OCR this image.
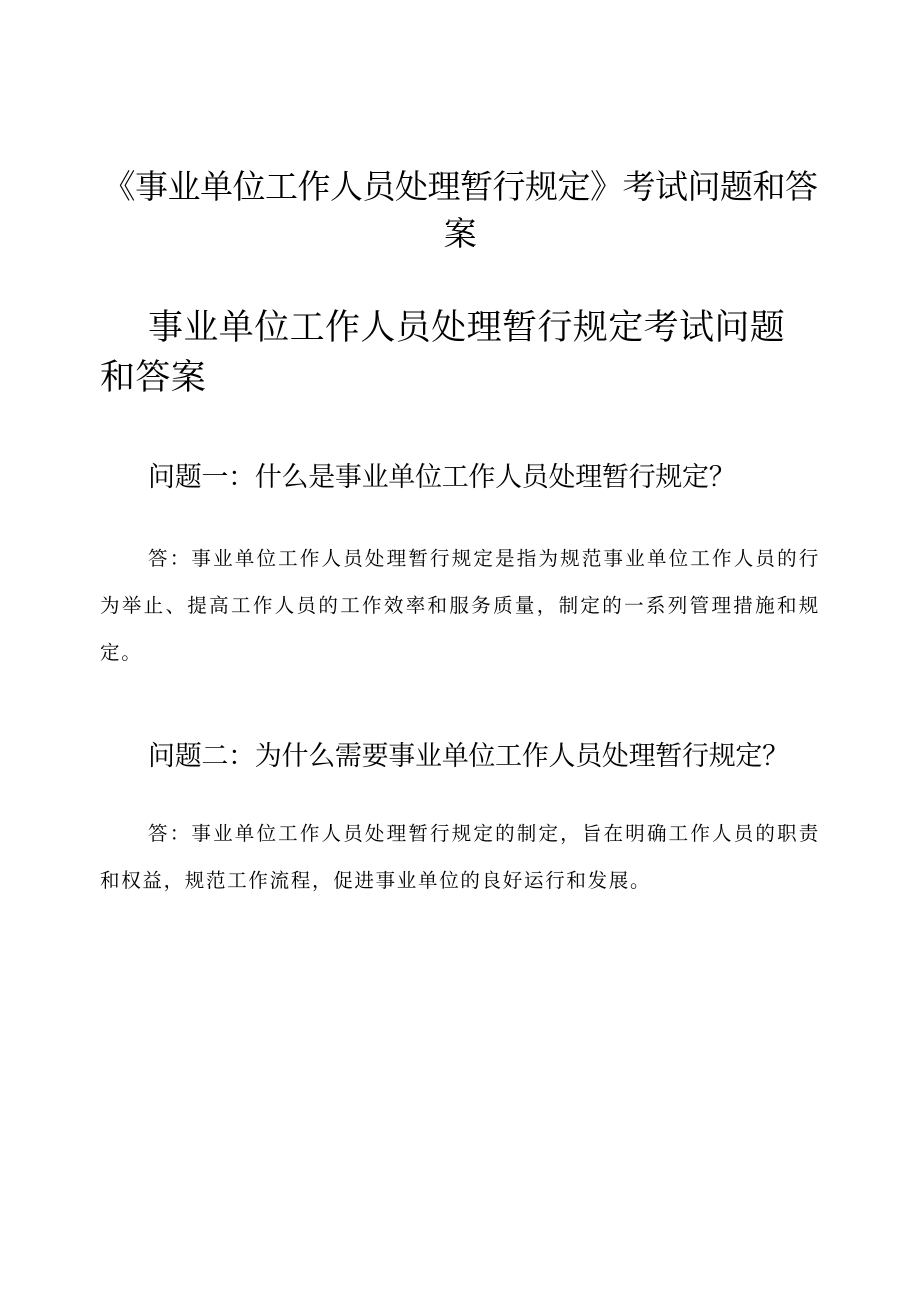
《事业单位工作人员处理暂行规定》考试问题和答案
事业单位工作人员处理暂行规定考试问题和答案
问题一：什么是事业单位工作人员处理暂行规定？

答：事业单位工作人员处理暂行规定是指为规范事业单位工作人员的行为举止、提高工作人员的工作效率和服务质量，制定的一系列管理措施和规定。

问题二：为什么需要事业单位工作人员处理暂行规定？

答：事业单位工作人员处理暂行规定的制定，旨在明确工作人员的职责和权益，规范工作流程，促进事业单位的良好运行和发展。
